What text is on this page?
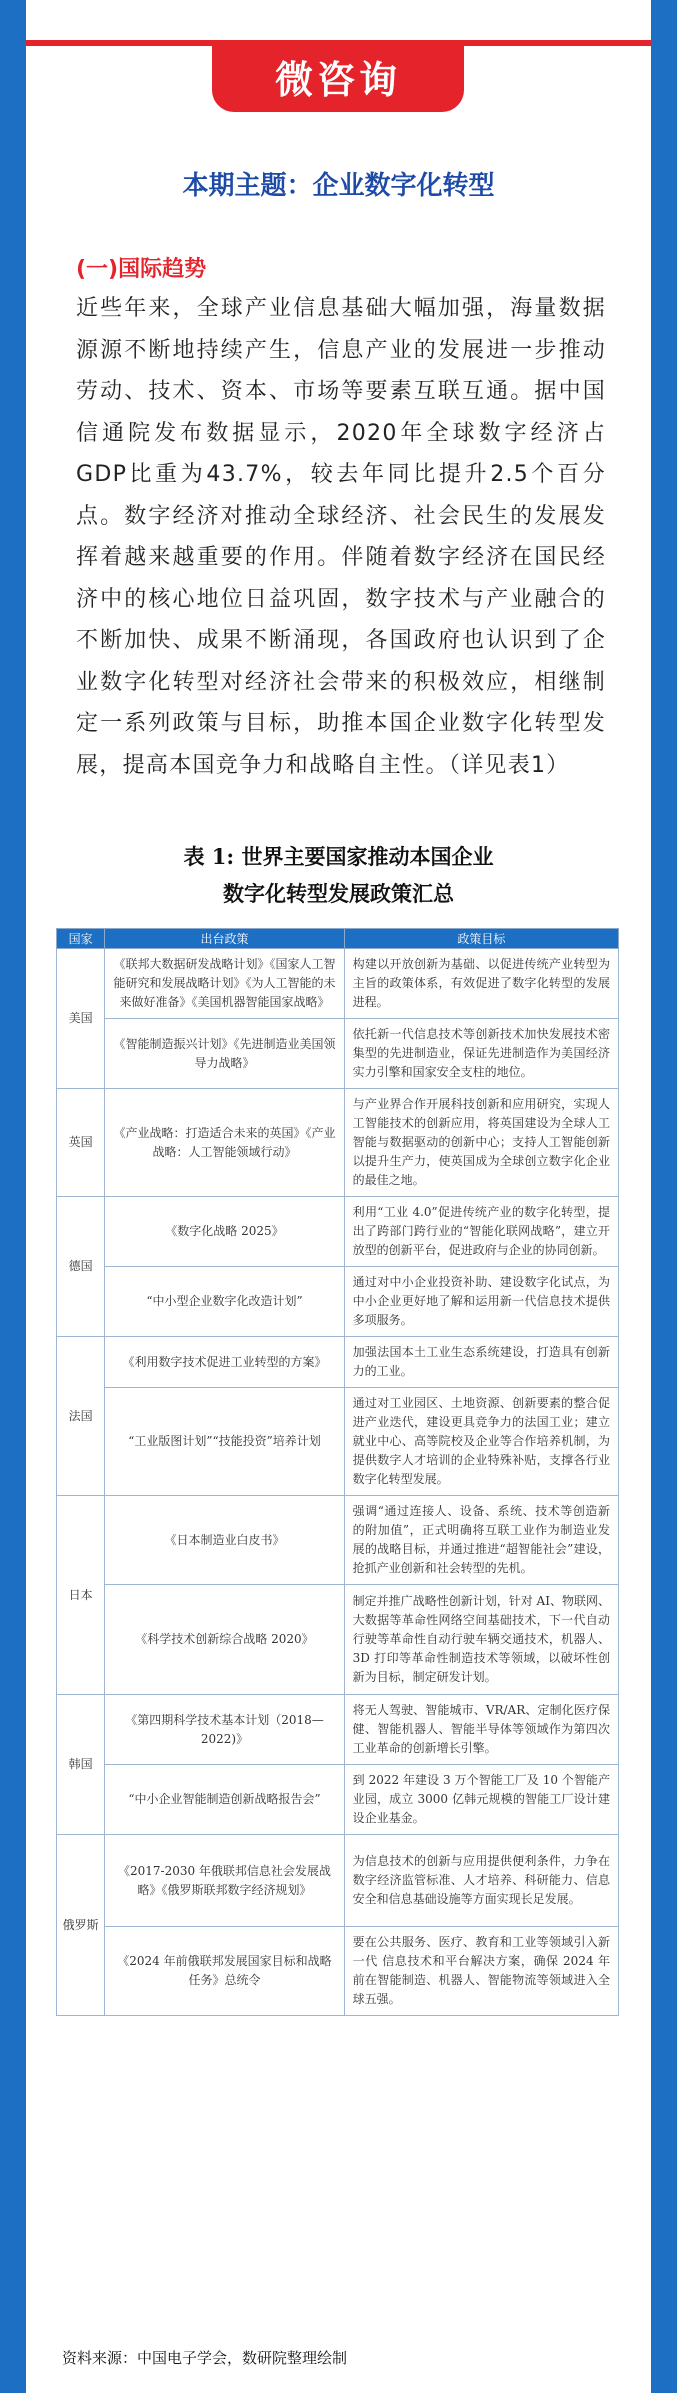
微咨询
本期主题：企业数字化转型
(一)国际趋势
近些年来，全球产业信息基础大幅加强，海量数据源源不断地持续产生，信息产业的发展进一步推动劳动、技术、资本、市场等要素互联互通。据中国信通院发布数据显示，2020年全球数字经济占GDP比重为43.7%，较去年同比提升2.5个百分点。数字经济对推动全球经济、社会民生的发展发挥着越来越重要的作用。伴随着数字经济在国民经济中的核心地位日益巩固，数字技术与产业融合的不断加快、成果不断涌现，各国政府也认识到了企业数字化转型对经济社会带来的积极效应，相继制定一系列政策与目标，助推本国企业数字化转型发展，提高本国竞争力和战略自主性。（详见表1）
表 1: 世界主要国家推动本国企业
数字化转型发展政策汇总
国家	出台政策	政策目标
美国	《联邦大数据研发战略计划》《国家人工智能研究和发展战略计划》《为人工智能的未来做好准备》《美国机器智能国家战略》	构建以开放创新为基础、以促进传统产业转型为主旨的政策体系，有效促进了数字化转型的发展进程。
	《智能制造振兴计划》《先进制造业美国领导力战略》	依托新一代信息技术等创新技术加快发展技术密集型的先进制造业，保证先进制造作为美国经济实力引擎和国家安全支柱的地位。
英国	《产业战略：打造适合未来的英国》《产业战略：人工智能领域行动》	与产业界合作开展科技创新和应用研究，实现人工智能技术的创新应用，将英国建设为全球人工智能与数据驱动的创新中心；支持人工智能创新以提升生产力，使英国成为全球创立数字化企业的最佳之地。
德国	《数字化战略 2025》	利用“工业 4.0”促进传统产业的数字化转型，提出了跨部门跨行业的“智能化联网战略”，建立开放型的创新平台，促进政府与企业的协同创新。
	“中小型企业数字化改造计划”	通过对中小企业投资补助、建设数字化试点，为中小企业更好地了解和运用新一代信息技术提供多项服务。
法国	《利用数字技术促进工业转型的方案》	加强法国本土工业生态系统建设，打造具有创新力的工业。
	“工业版图计划”“技能投资”培养计划	通过对工业园区、土地资源、创新要素的整合促进产业迭代，建设更具竞争力的法国工业；建立就业中心、高等院校及企业等合作培养机制，为提供数字人才培训的企业特殊补贴，支撑各行业数字化转型发展。
日本	《日本制造业白皮书》	强调“通过连接人、设备、系统、技术等创造新的附加值”，正式明确将互联工业作为制造业发展的战略目标，并通过推进“超智能社会”建设，抢抓产业创新和社会转型的先机。
	《科学技术创新综合战略 2020》	制定并推广战略性创新计划，针对 AI、物联网、大数据等革命性网络空间基础技术，下一代自动行驶等革命性自动行驶车辆交通技术，机器人、3D 打印等革命性制造技术等领域，以破坏性创新为目标，制定研发计划。
韩国	《第四期科学技术基本计划（2018—2022)》	将无人驾驶、智能城市、VR/AR、定制化医疗保健、智能机器人、智能半导体等领域作为第四次工业革命的创新增长引擎。
	“中小企业智能制造创新战略报告会”	到 2022 年建设 3 万个智能工厂及 10 个智能产业园，成立 3000 亿韩元规模的智能工厂设计建设企业基金。
俄罗斯	《2017-2030 年俄联邦信息社会发展战略》《俄罗斯联邦数字经济规划》	为信息技术的创新与应用提供便利条件，力争在数字经济监管标准、人才培养、科研能力、信息安全和信息基础设施等方面实现长足发展。
	《2024 年前俄联邦发展国家目标和战略任务》总统令	要在公共服务、医疗、教育和工业等领域引入新一代 信息技术和平台解决方案，确保 2024 年前在智能制造、机器人、智能物流等领域进入全球五强。
资料来源：中国电子学会，数研院整理绘制
